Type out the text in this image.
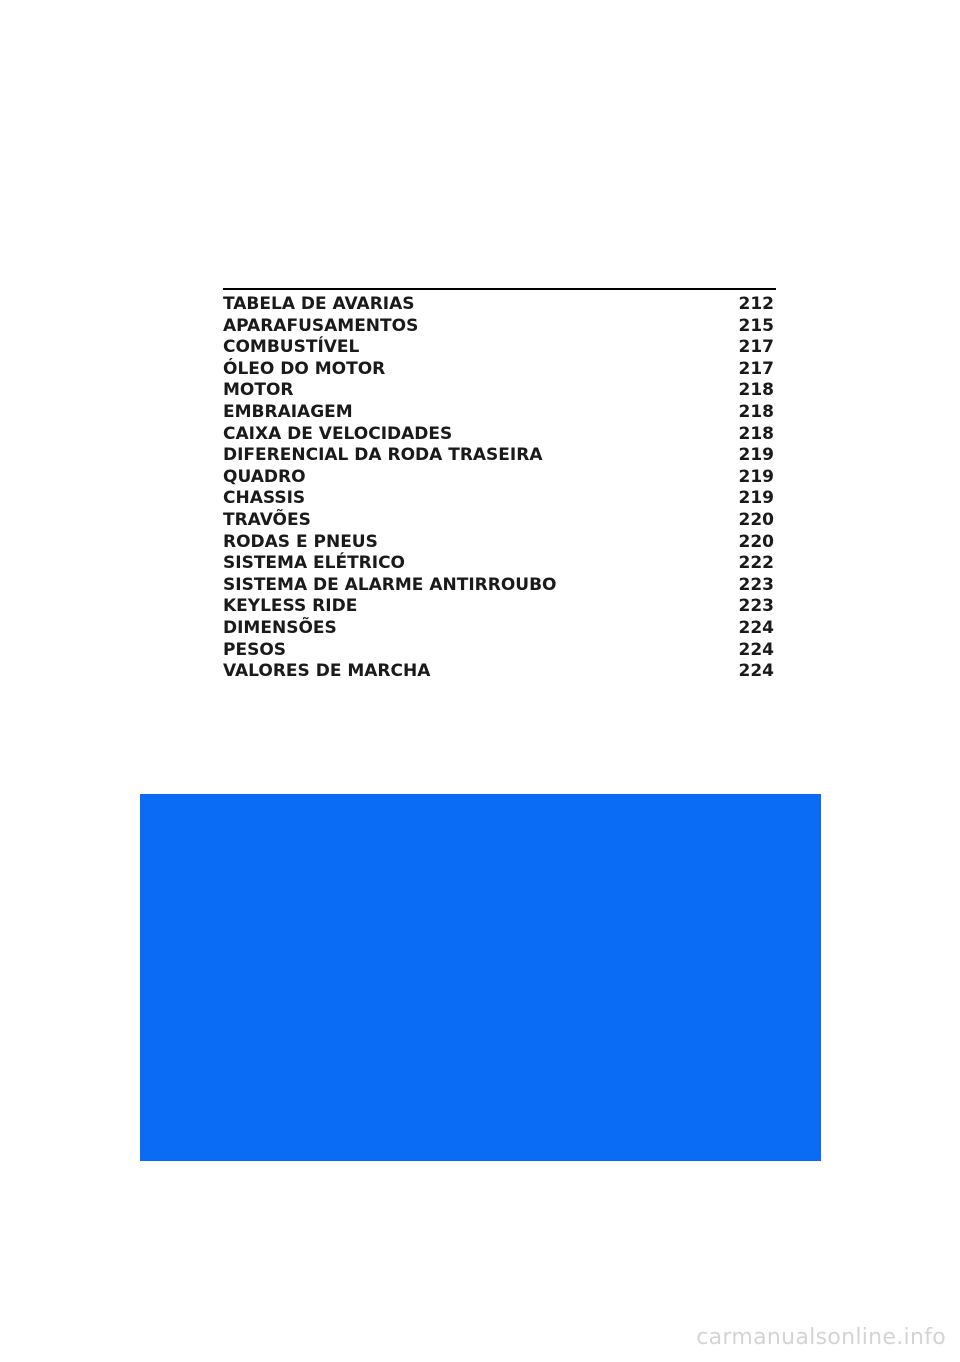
TABELA DE AVARIAS	212
APARAFUSAMENTOS	215
COMBUSTÍVEL	217
ÓLEO DO MOTOR	217
MOTOR	218
EMBRAIAGEM	218
CAIXA DE VELOCIDADES	218
DIFERENCIAL DA RODA TRASEIRA	219
QUADRO	219
CHASSIS	219
TRAVÕES	220
RODAS E PNEUS	220
SISTEMA ELÉTRICO	222
SISTEMA DE ALARME ANTIRROUBO	223
KEYLESS RIDE	223
DIMENSÕES	224
PESOS	224
VALORES DE MARCHA	224
carmanualsonline.info
